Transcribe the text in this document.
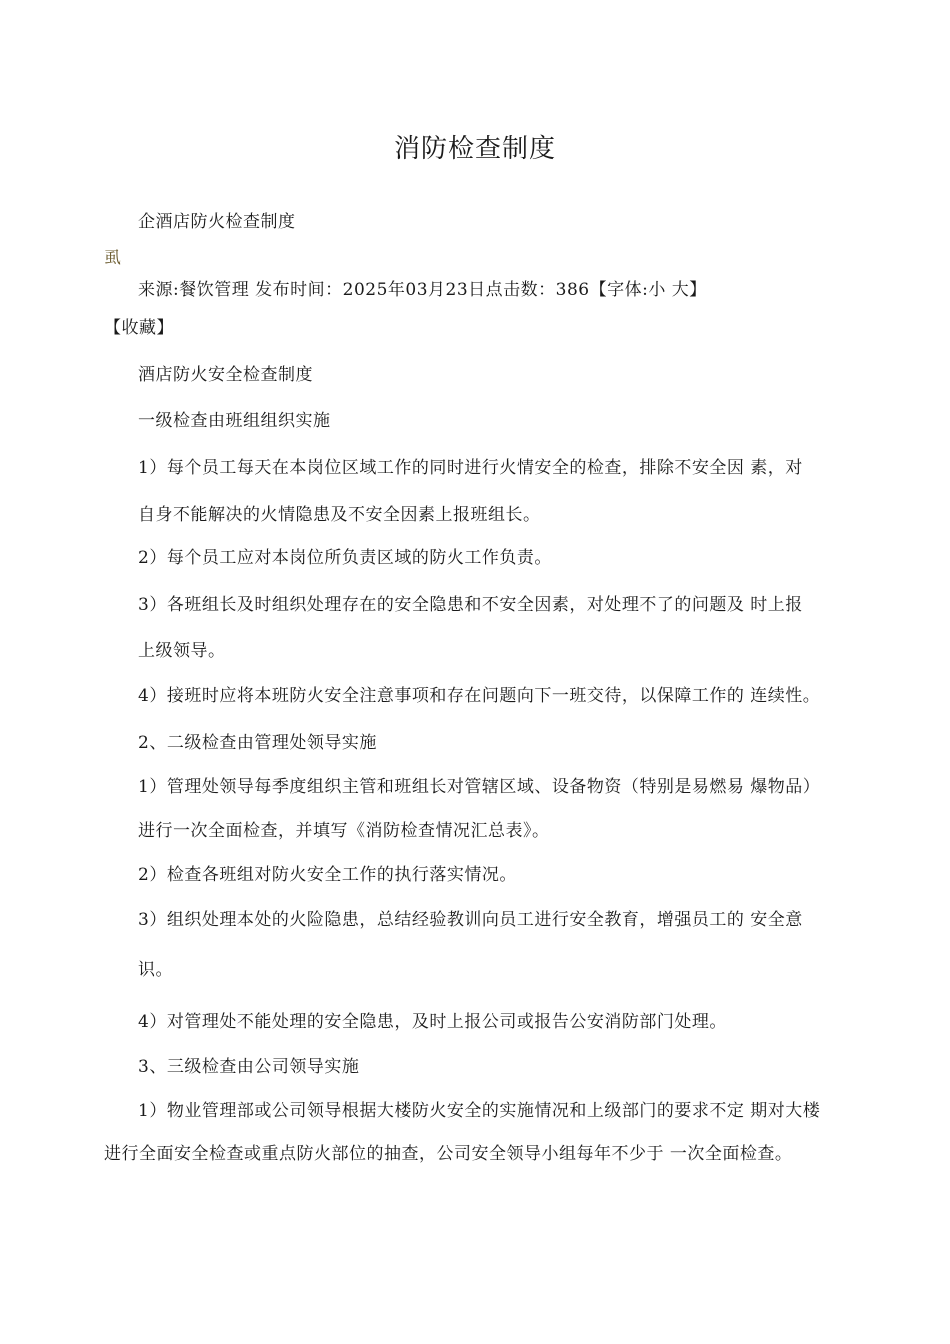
消防检查制度
企酒店防火检查制度
虱
来源:餐饮管理 发布时间：2025年03月23日点击数：386【字体:小 大】
【收藏】
酒店防火安全检查制度
一级检查由班组组织实施
1）每个员工每天在本岗位区域工作的同时进行火情安全的检查，排除不安全因 素，对
自身不能解决的火情隐患及不安全因素上报班组长。
2）每个员工应对本岗位所负责区域的防火工作负责。
3）各班组长及时组织处理存在的安全隐患和不安全因素，对处理不了的问题及 时上报
上级领导。
4）接班时应将本班防火安全注意事项和存在问题向下一班交待，以保障工作的 连续性。
2、二级检查由管理处领导实施
1）管理处领导每季度组织主管和班组长对管辖区域、设备物资（特别是易燃易 爆物品）
进行一次全面检查，并填写《消防检查情况汇总表》。
2）检查各班组对防火安全工作的执行落实情况。
3）组织处理本处的火险隐患，总结经验教训向员工进行安全教育，增强员工的 安全意
识。
4）对管理处不能处理的安全隐患，及时上报公司或报告公安消防部门处理。
3、三级检查由公司领导实施
1）物业管理部或公司领导根据大楼防火安全的实施情况和上级部门的要求不定 期对大楼
进行全面安全检查或重点防火部位的抽查，公司安全领导小组每年不少于 一次全面检查。
